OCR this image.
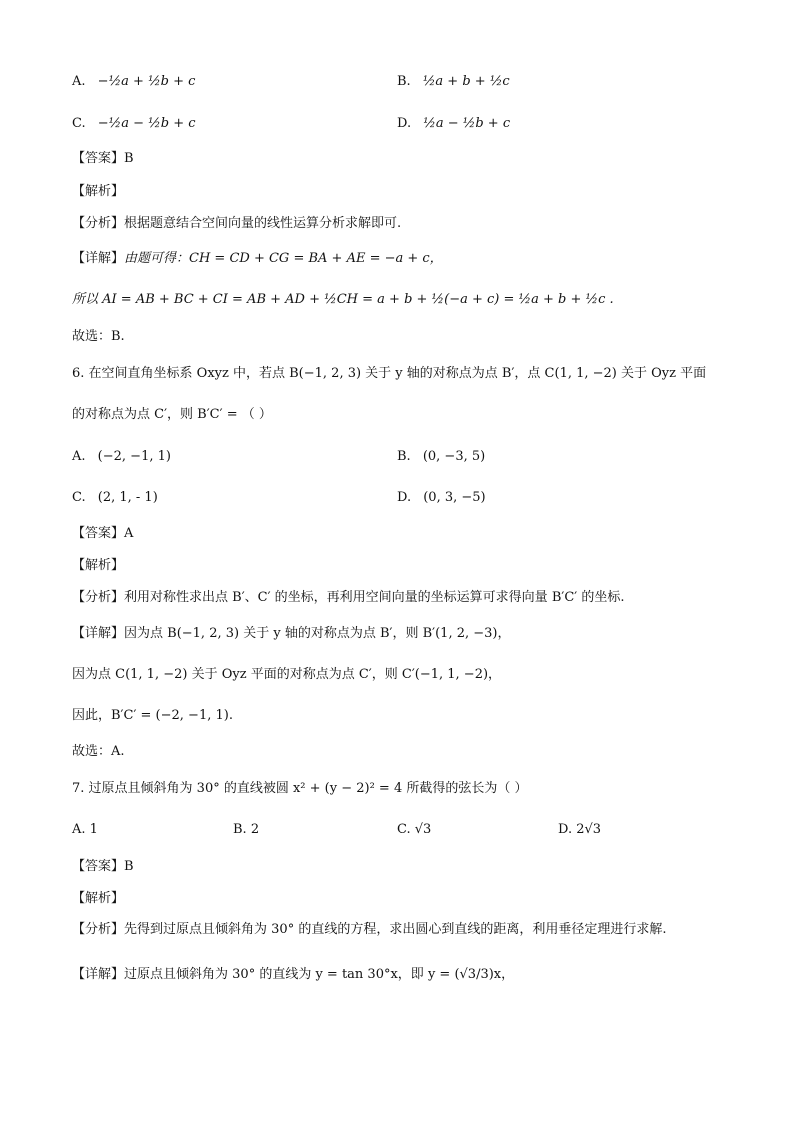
A. −½a + ½b + c	B. ½a + b + ½c
C. −½a − ½b + c	D. ½a − ½b + c
【答案】B
【解析】
【分析】根据题意结合空间向量的线性运算分析求解即可.
【详解】由题可得：CH = CD + CG = BA + AE = −a + c，
所以 AI = AB + BC + CI = AB + AD + ½CH = a + b + ½(−a + c) = ½a + b + ½c .
故选：B.
6. 在空间直角坐标系 Oxyz 中，若点 B(−1, 2, 3) 关于 y 轴的对称点为点 B′，点 C(1, 1, −2) 关于 Oyz 平面
的对称点为点 C′，则 B′C′ = （ ）
A. (−2, −1, 1)	B. (0, −3, 5)
C. (2, 1, - 1)	D. (0, 3, −5)
【答案】A
【解析】
【分析】利用对称性求出点 B′、C′ 的坐标，再利用空间向量的坐标运算可求得向量 B′C′ 的坐标.
【详解】因为点 B(−1, 2, 3) 关于 y 轴的对称点为点 B′，则 B′(1, 2, −3)，
因为点 C(1, 1, −2) 关于 Oyz 平面的对称点为点 C′，则 C′(−1, 1, −2)，
因此，B′C′ = (−2, −1, 1).
故选：A.
7. 过原点且倾斜角为 30° 的直线被圆 x² + (y − 2)² = 4 所截得的弦长为（ ）
A. 1	B. 2	C. √3	D. 2√3
【答案】B
【解析】
【分析】先得到过原点且倾斜角为 30° 的直线的方程，求出圆心到直线的距离，利用垂径定理进行求解.
【详解】过原点且倾斜角为 30° 的直线为 y = tan 30°x，即 y = (√3/3)x，
